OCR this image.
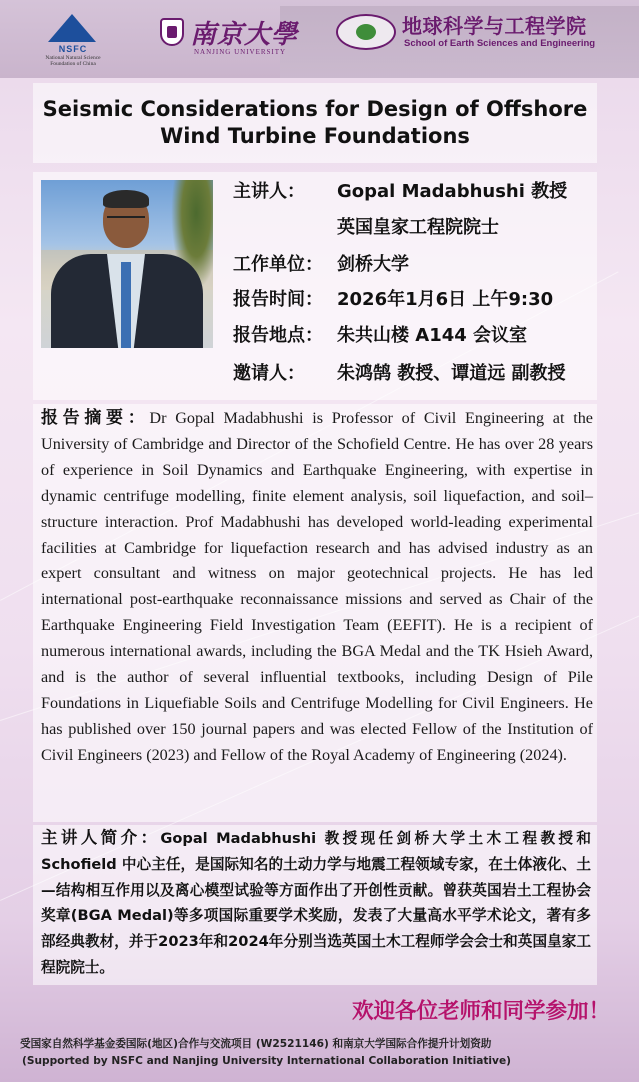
NSFC
National Natural Science Foundation of China
南京大學
NANJING UNIVERSITY
地球科学与工程学院
School of Earth Sciences and Engineering
Seismic Considerations for Design of Offshore
Wind Turbine Foundations
主讲人： Gopal Madabhushi 教授
英国皇家工程院院士
工作单位： 剑桥大学
报告时间： 2026年1月6日 上午9:30
报告地点： 朱共山楼 A144 会议室
邀请人： 朱鸿鹄 教授、谭道远 副教授
报告摘要：Dr Gopal Madabhushi is Professor of Civil Engineering at the University of Cambridge and Director of the Schofield Centre. He has over 28 years of experience in Soil Dynamics and Earthquake Engineering, with expertise in dynamic centrifuge modelling, finite element analysis, soil liquefaction, and soil–structure interaction. Prof Madabhushi has developed world-leading experimental facilities at Cambridge for liquefaction research and has advised industry as an expert consultant and witness on major geotechnical projects. He has led international post-earthquake reconnaissance missions and served as Chair of the Earthquake Engineering Field Investigation Team (EEFIT). He is a recipient of numerous international awards, including the BGA Medal and the TK Hsieh Award, and is the author of several influential textbooks, including Design of Pile Foundations in Liquefiable Soils and Centrifuge Modelling for Civil Engineers. He has published over 150 journal papers and was elected Fellow of the Institution of Civil Engineers (2023) and Fellow of the Royal Academy of Engineering (2024).
主讲人简介：Gopal Madabhushi 教授现任剑桥大学土木工程教授和Schofield 中心主任，是国际知名的土动力学与地震工程领域专家，在土体液化、土—结构相互作用以及离心模型试验等方面作出了开创性贡献。曾获英国岩土工程协会奖章(BGA Medal)等多项国际重要学术奖励，发表了大量高水平学术论文，著有多部经典教材，并于2023年和2024年分别当选英国土木工程师学会会士和英国皇家工程院院士。
欢迎各位老师和同学参加！
受国家自然科学基金委国际(地区)合作与交流项目 (W2521146) 和南京大学国际合作提升计划资助
(Supported by NSFC and Nanjing University International Collaboration Initiative)
